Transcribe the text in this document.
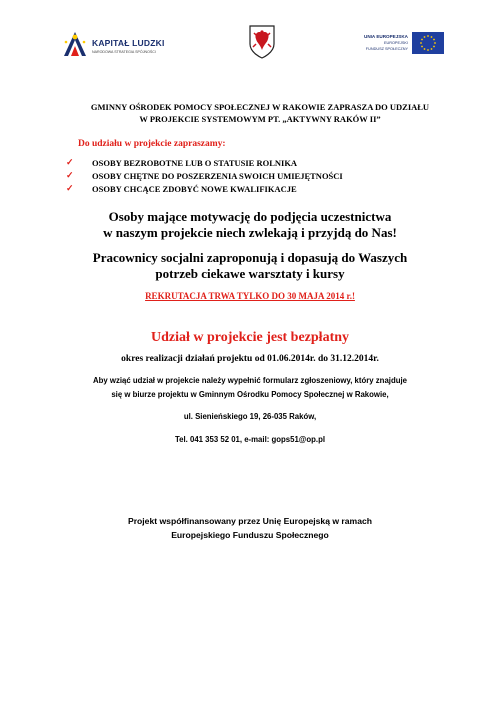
KAPITAŁ LUDZKI
NARODOWA STRATEGIA SPÓJNOŚCI
UNIA EUROPEJSKA
EUROPEJSKI
FUNDUSZ SPOŁECZNY
GMINNY OŚRODEK POMOCY SPOŁECZNEJ W RAKOWIE ZAPRASZA DO UDZIAŁU
W PROJEKCIE SYSTEMOWYM PT. „AKTYWNY RAKÓW II”
Do udziału w projekcie zapraszamy:
✓ OSOBY BEZROBOTNE LUB O STATUSIE ROLNIKA
✓ OSOBY CHĘTNE DO POSZERZENIA SWOICH UMIEJĘTNOŚCI
✓ OSOBY CHCĄCE ZDOBYĆ NOWE KWALIFIKACJE
Osoby mające motywację do podjęcia uczestnictwa
w naszym projekcie niech zwlekają i przyjdą do Nas!
Pracownicy socjalni zaproponują i dopasują do Waszych
potrzeb ciekawe warsztaty i kursy
REKRUTACJA TRWA TYLKO DO 30 MAJA 2014 r.!
Udział w projekcie jest bezpłatny
okres realizacji działań projektu od 01.06.2014r. do 31.12.2014r.
Aby wziąć udział w projekcie należy wypełnić formularz zgłoszeniowy, który znajduje
się w biurze projektu w Gminnym Ośrodku Pomocy Społecznej w Rakowie,
ul. Sienieńskiego 19, 26-035 Raków,
Tel. 041 353 52 01, e-mail: gops51@op.pl
Projekt współfinansowany przez Unię Europejską w ramach
Europejskiego Funduszu Społecznego
